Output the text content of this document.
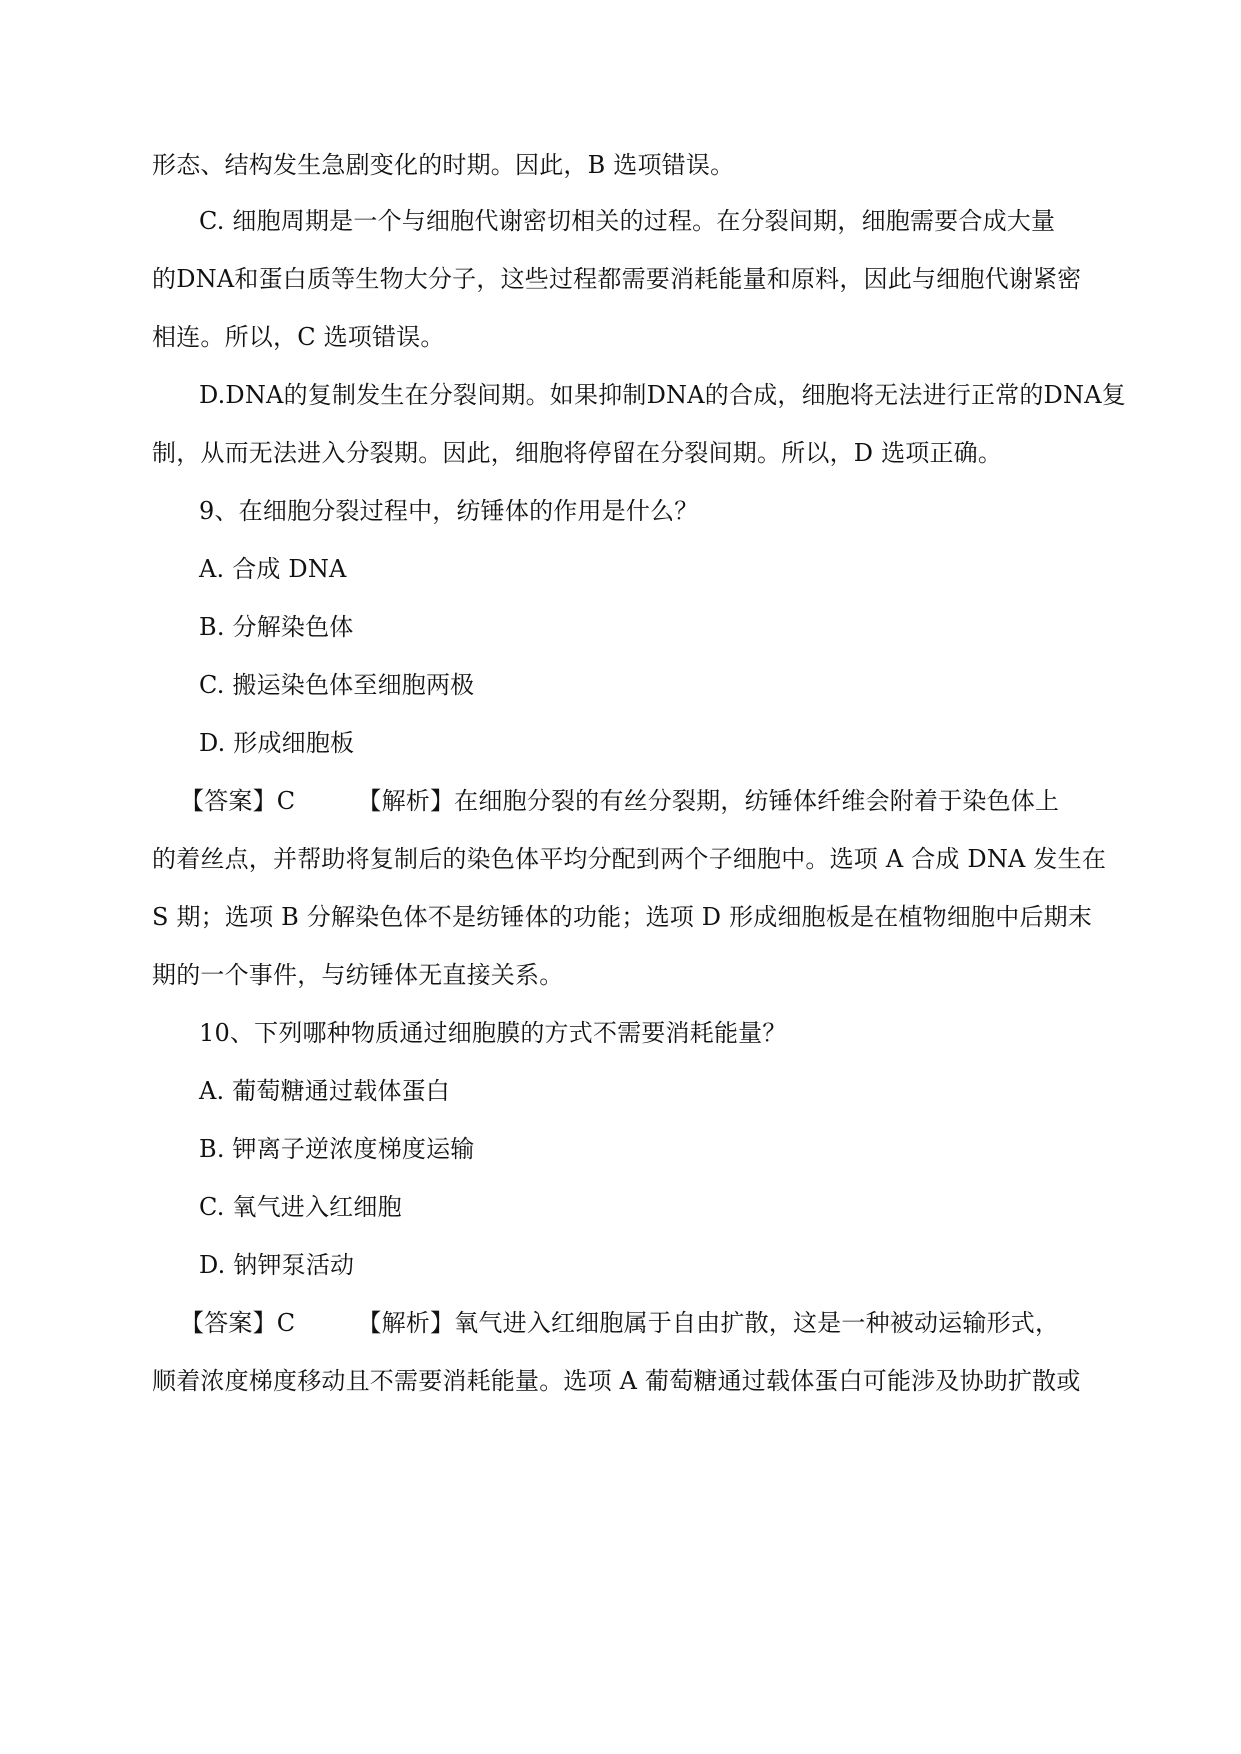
形态、结构发生急剧变化的时期。因此，B 选项错误。
C. 细胞周期是一个与细胞代谢密切相关的过程。在分裂间期，细胞需要合成大量
的DNA和蛋白质等生物大分子，这些过程都需要消耗能量和原料，因此与细胞代谢紧密
相连。所以，C 选项错误。
D.DNA的复制发生在分裂间期。如果抑制DNA的合成，细胞将无法进行正常的DNA复
制，从而无法进入分裂期。因此，细胞将停留在分裂间期。所以，D 选项正确。
9、在细胞分裂过程中，纺锤体的作用是什么？
A. 合成 DNA
B. 分解染色体
C. 搬运染色体至细胞两极
D. 形成细胞板
【答案】C	【解析】在细胞分裂的有丝分裂期，纺锤体纤维会附着于染色体上
的着丝点，并帮助将复制后的染色体平均分配到两个子细胞中。选项 A 合成 DNA 发生在
S 期；选项 B 分解染色体不是纺锤体的功能；选项 D 形成细胞板是在植物细胞中后期末
期的一个事件，与纺锤体无直接关系。
10、下列哪种物质通过细胞膜的方式不需要消耗能量？
A. 葡萄糖通过载体蛋白
B. 钾离子逆浓度梯度运输
C. 氧气进入红细胞
D. 钠钾泵活动
【答案】C	【解析】氧气进入红细胞属于自由扩散，这是一种被动运输形式，
顺着浓度梯度移动且不需要消耗能量。选项 A 葡萄糖通过载体蛋白可能涉及协助扩散或
